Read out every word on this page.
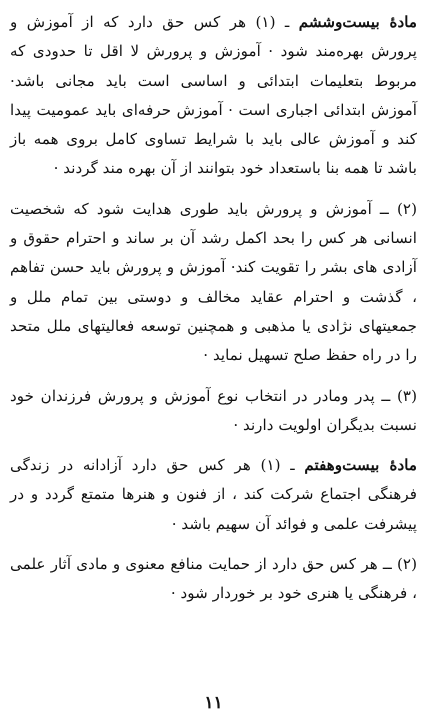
مادهٔ بیست‌وششم ـ (۱) هر کس حق دارد که از آموزش و پرورش بهره‌مند شود · آموزش و پرورش لا اقل تا حدودی که مربوط بتعلیمات ابتدائی و اساسی است باید مجانی باشد· آموزش ابتدائی اجباری است · آموزش حرفه‌ای باید عمومیت پیدا کند و آموزش عالی باید با شرایط تساوی کامل بروی همه باز باشد تا همه بنا باستعداد خود بتوانند از آن بهره مند گردند ·

(۲) ــ آموزش و پرورش باید طوری هدایت شود که شخصیت انسانی هر کس را بحد اکمل رشد آن بر ساند و احترام حقوق و آزادی های بشر را تقویت کند· آموزش و پرورش باید حسن تفاهم ، گذشت و احترام عقاید مخالف و دوستی بین تمام ملل و جمعیتهای نژادی یا مذهبی و همچنین توسعه فعالیتهای ملل متحد را در راه حفظ صلح تسهیل نماید ·

(۳) ــ پدر ومادر در انتخاب نوع آموزش و پرورش فرزندان خود نسبت بدیگران اولویت دارند ·

مادهٔ بیست‌وهفتم ـ (۱) هر کس حق دارد آزادانه در زندگی فرهنگی اجتماع شرکت کند ، از فنون و هنرها متمتع گردد و در پیشرفت علمی و فوائد آن سهیم باشد ·

(۲) ــ هر کس حق دارد از حمایت منافع معنوی و مادی آثار علمی ، فرهنگی یا هنری خود بر خوردار شود ·

۱۱
